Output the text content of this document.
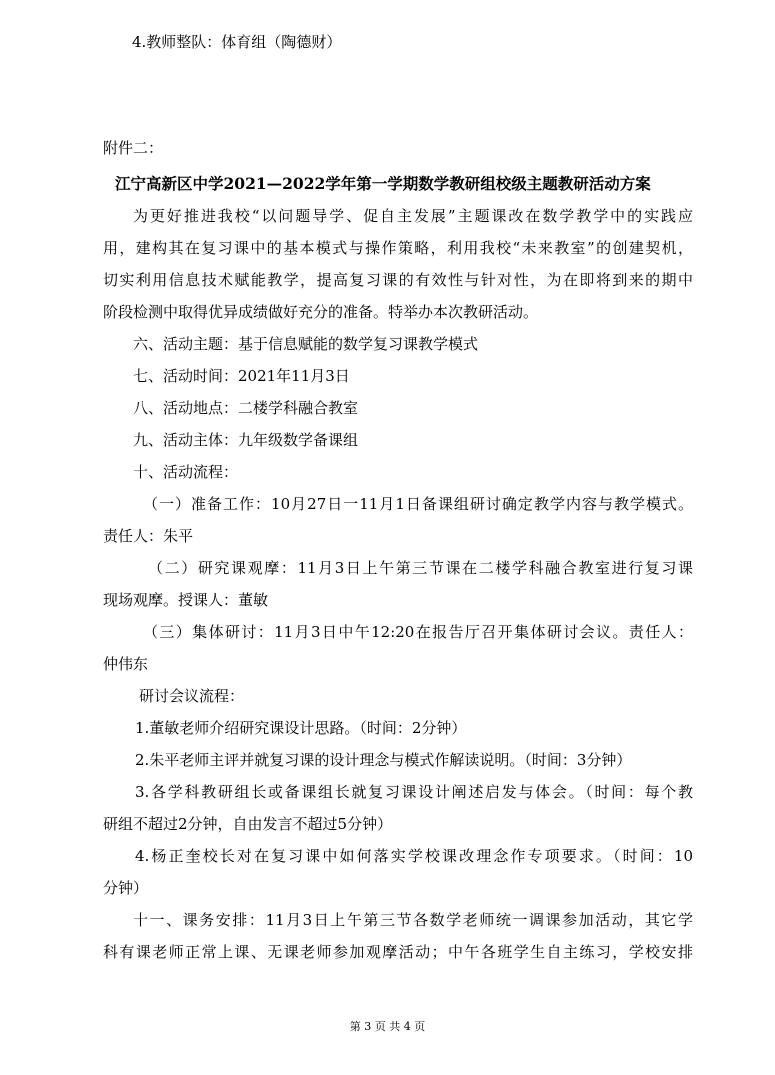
4.教师整队：体育组（陶德财）
附件二：
江宁高新区中学2021—2022学年第一学期数学教研组校级主题教研活动方案
为更好推进我校“以问题导学、促自主发展”主题课改在数学教学中的实践应
用，建构其在复习课中的基本模式与操作策略，利用我校“未来教室”的创建契机，
切实利用信息技术赋能教学，提高复习课的有效性与针对性，为在即将到来的期中
阶段检测中取得优异成绩做好充分的准备。特举办本次教研活动。
六、活动主题：基于信息赋能的数学复习课教学模式
七、活动时间：2021年11月3日
八、活动地点：二楼学科融合教室
九、活动主体：九年级数学备课组
十、活动流程：
（一）准备工作：10月27日一11月1日备课组研讨确定教学内容与教学模式。
责任人：朱平
（二）研究课观摩：11月3日上午第三节课在二楼学科融合教室进行复习课
现场观摩。授课人：董敏
（三）集体研讨：11月3日中午12:20在报告厅召开集体研讨会议。责任人：
仲伟东
研讨会议流程：
1.董敏老师介绍研究课设计思路。（时间：2分钟）
2.朱平老师主评并就复习课的设计理念与模式作解读说明。（时间：3分钟）
3.各学科教研组长或备课组长就复习课设计阐述启发与体会。（时间：每个教
研组不超过2分钟，自由发言不超过5分钟）
4.杨正奎校长对在复习课中如何落实学校课改理念作专项要求。（时间：10
分钟）
十一、课务安排：11月3日上午第三节各数学老师统一调课参加活动，其它学
科有课老师正常上课、无课老师参加观摩活动；中午各班学生自主练习，学校安排
第 3 页 共 4 页
